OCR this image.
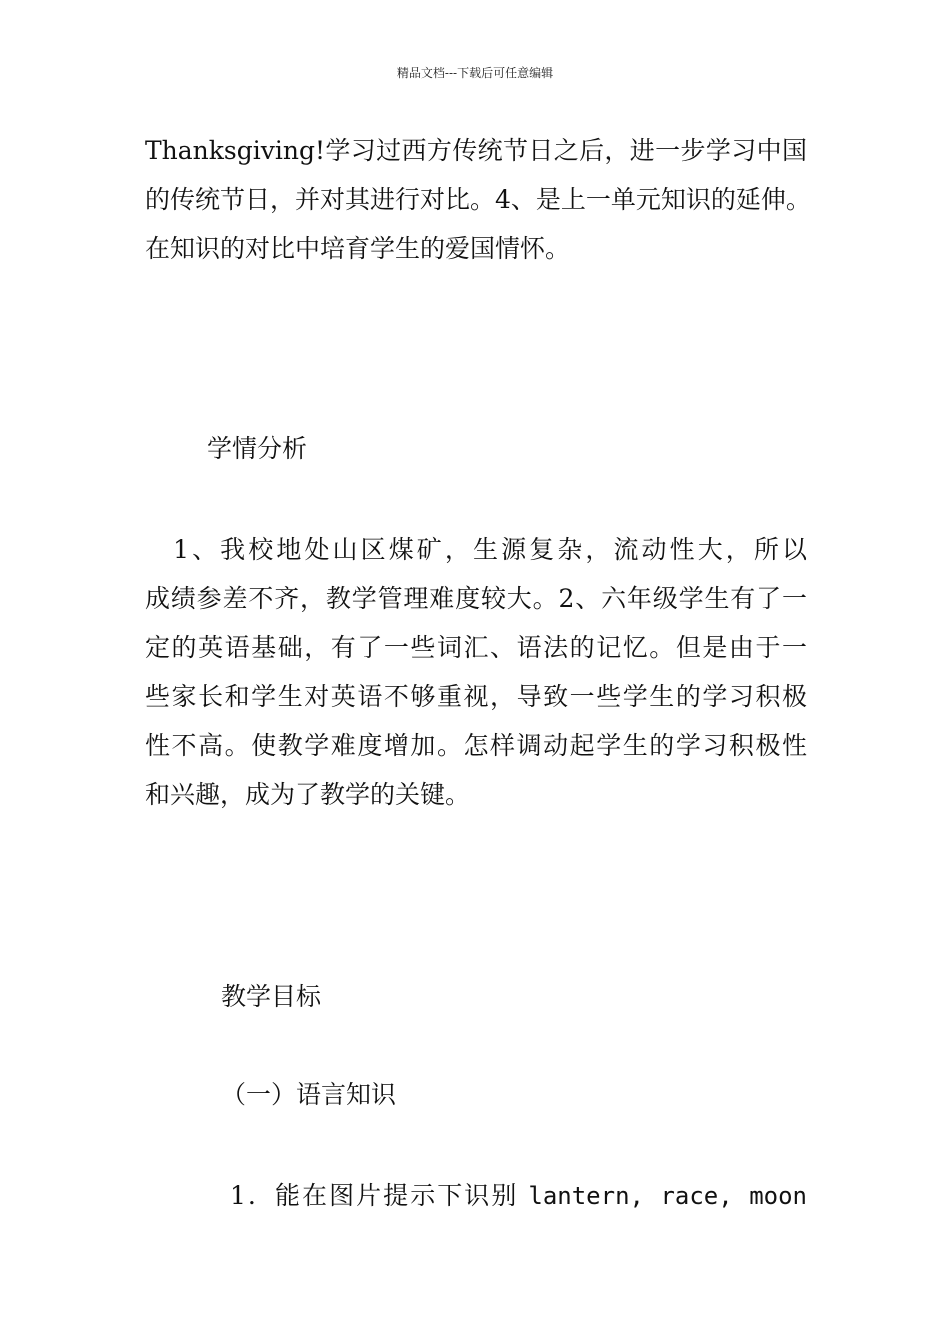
精品文档---下载后可任意编辑
Thanksgiving!学习过西方传统节日之后，进一步学习中国
的传统节日，并对其进行对比。4、是上一单元知识的延伸。
在知识的对比中培育学生的爱国情怀。
学情分析
　1、我校地处山区煤矿，生源复杂，流动性大，所以
成绩参差不齐，教学管理难度较大。2、六年级学生有了一
定的英语基础，有了一些词汇、语法的记忆。但是由于一
些家长和学生对英语不够重视，导致一些学生的学习积极
性不高。使教学难度增加。怎样调动起学生的学习积极性
和兴趣，成为了教学的关键。
教学目标
（一）语言知识
1．能在图片提示下识别 lantern, race, moon
